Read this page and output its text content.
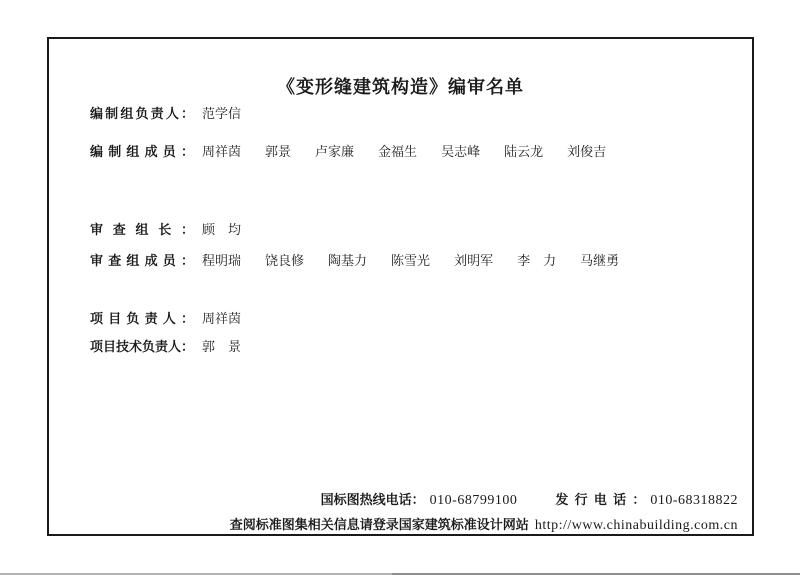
《变形缝建筑构造》编审名单
编制组负责人： 范学信
编制组成员： 周祥茵 郭景 卢家廉 金福生 吴志峰 陆云龙 刘俊吉
审查组长： 顾　均
审查组成员： 程明瑞 饶良修 陶基力 陈雪光 刘明军 李　力 马继勇
项目负责人： 周祥茵
项目技术负责人： 郭　景
国标图热线电话： 010-68799100	发行电话： 010-68318822
查阅标准图集相关信息请登录国家建筑标准设计网站 http://www.chinabuilding.com.cn
